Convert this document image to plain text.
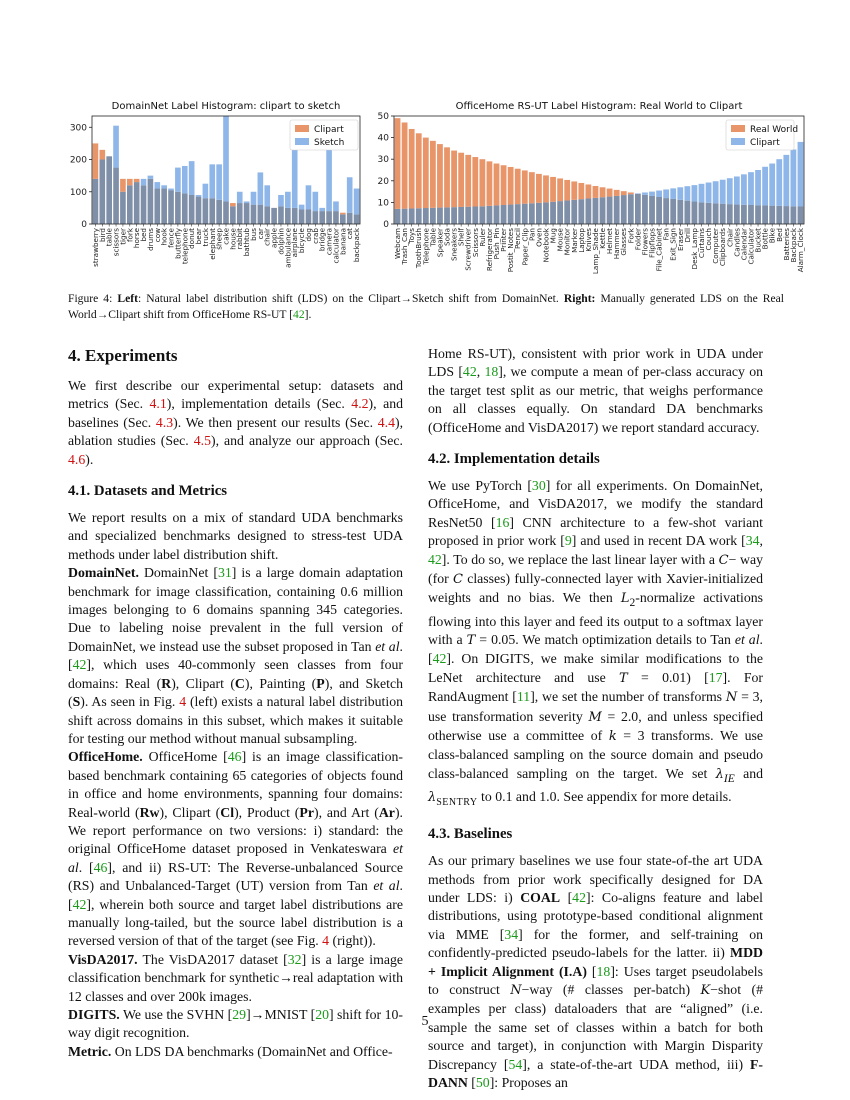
DomainNet Label Histogram: clipart to sketch
strawberry
bird
table
scissors
tiger
fork
horse
bed
drums
cow
hook
fence
butterfly
telephone
donut
bear
truck
elephant
sheep
cake
house
rabbit
bathtub
bus
car
chair
apple
dolphin
ambulance
airplane
bicycle
dog
crab
bridge
camera
calculator
banana
cat
backpack
0
100
200
300	Clipart
Sketch
OfficeHome RS-UT Label Histogram: Real World to Clipart
Webcam
Trash_Can
Toys
ToothBrush
Telephone
Table
Speaker
Soda
Sneakers
Shelf
Screwdriver
Scissors
Ruler
Refrigerator
Push_Pin
Printer
Postit_Notes
Pencil
Paper_Clip
Pan
Oven
Notebook
Mug
Mouse
Monitor
Marker
Laptop
Knives
Lamp_Shade
Kettle
Helmet
Hammer
Glasses
Fork
Folder
Flowers
Flipflops
File_Cabinet
Fan
Exit_Sign
Eraser
Drill
Desk_Lamp
Curtains
Couch
Computer
Clipboards
Chair
Candles
Calendar
Calculator
Bucket
Bottle
Bike
Bed
Batteries
Backpack
Alarm_Clock
0
10
20
30
40
50
Real World
Clipart
Figure 4: Left: Natural label distribution shift (LDS) on the Clipart→Sketch shift from DomainNet. Right: Manually generated LDS on the Real World→Clipart shift from OfficeHome RS-UT [42].
4. Experiments

We first describe our experimental setup: datasets and metrics (Sec. 4.1), implementation details (Sec. 4.2), and baselines (Sec. 4.3). We then present our results (Sec. 4.4), ablation studies (Sec. 4.5), and analyze our approach (Sec. 4.6).

4.1. Datasets and Metrics

We report results on a mix of standard UDA benchmarks and specialized benchmarks designed to stress-test UDA methods under label distribution shift.

DomainNet. DomainNet [31] is a large domain adaptation benchmark for image classification, containing 0.6 million images belonging to 6 domains spanning 345 categories. Due to labeling noise prevalent in the full version of DomainNet, we instead use the subset proposed in Tan et al. [42], which uses 40-commonly seen classes from four domains: Real (R), Clipart (C), Painting (P), and Sketch (S). As seen in Fig. 4 (left) exists a natural label distribution shift across domains in this subset, which makes it suitable for testing our method without manual subsampling.

OfficeHome. OfficeHome [46] is an image classification-based benchmark containing 65 categories of objects found in office and home environments, spanning four domains: Real-world (Rw), Clipart (Cl), Product (Pr), and Art (Ar). We report performance on two versions: i) standard: the original OfficeHome dataset proposed in Venkateswara et al. [46], and ii) RS-UT: The Reverse-unbalanced Source (RS) and Unbalanced-Target (UT) version from Tan et al. [42], wherein both source and target label distributions are manually long-tailed, but the source label distribution is a reversed version of that of the target (see Fig. 4 (right)).

VisDA2017. The VisDA2017 dataset [32] is a large image classification benchmark for synthetic→real adaptation with 12 classes and over 200k images.

DIGITS. We use the SVHN [29]→MNIST [20] shift for 10-way digit recognition.

Metric. On LDS DA benchmarks (DomainNet and Office-

Home RS-UT), consistent with prior work in UDA under LDS [42, 18], we compute a mean of per-class accuracy on the target test split as our metric, that weighs performance on all classes equally. On standard DA benchmarks (OfficeHome and VisDA2017) we report standard accuracy.

4.2. Implementation details

We use PyTorch [30] for all experiments. On DomainNet, OfficeHome, and VisDA2017, we modify the standard ResNet50 [16] CNN architecture to a few-shot variant proposed in prior work [9] and used in recent DA work [34, 42]. To do so, we replace the last linear layer with a C− way (for C classes) fully-connected layer with Xavier-initialized weights and no bias. We then $L_2$-normalize activations flowing into this layer and feed its output to a softmax layer with a T = 0.05. We match optimization details to Tan et al. [42]. On DIGITS, we make similar modifications to the LeNet architecture and use T = 0.01) [17]. For RandAugment [11], we set the number of transforms N = 3, use transformation severity M = 2.0, and unless specified otherwise use a committee of k = 3 transforms. We use class-balanced sampling on the source domain and pseudo class-balanced sampling on the target. We set $\lambda_{IE}$ and $\lambda_{SENTRY}$ to 0.1 and 1.0. See appendix for more details.

4.3. Baselines

As our primary baselines we use four state-of-the art UDA methods from prior work specifically designed for DA under LDS: i) COAL [42]: Co-aligns feature and label distributions, using prototype-based conditional alignment via MME [34] for the former, and self-training on confidently-predicted pseudo-labels for the latter. ii) MDD + Implicit Alignment (I.A) [18]: Uses target pseudolabels to construct N−way (# classes per-batch) K−shot (# examples per class) dataloaders that are “aligned” (i.e. sample the same set of classes within a batch for both source and target), in conjunction with Margin Disparity Discrepancy [54], a state-of-the-art UDA method, iii) F-DANN [50]: Proposes an

5
